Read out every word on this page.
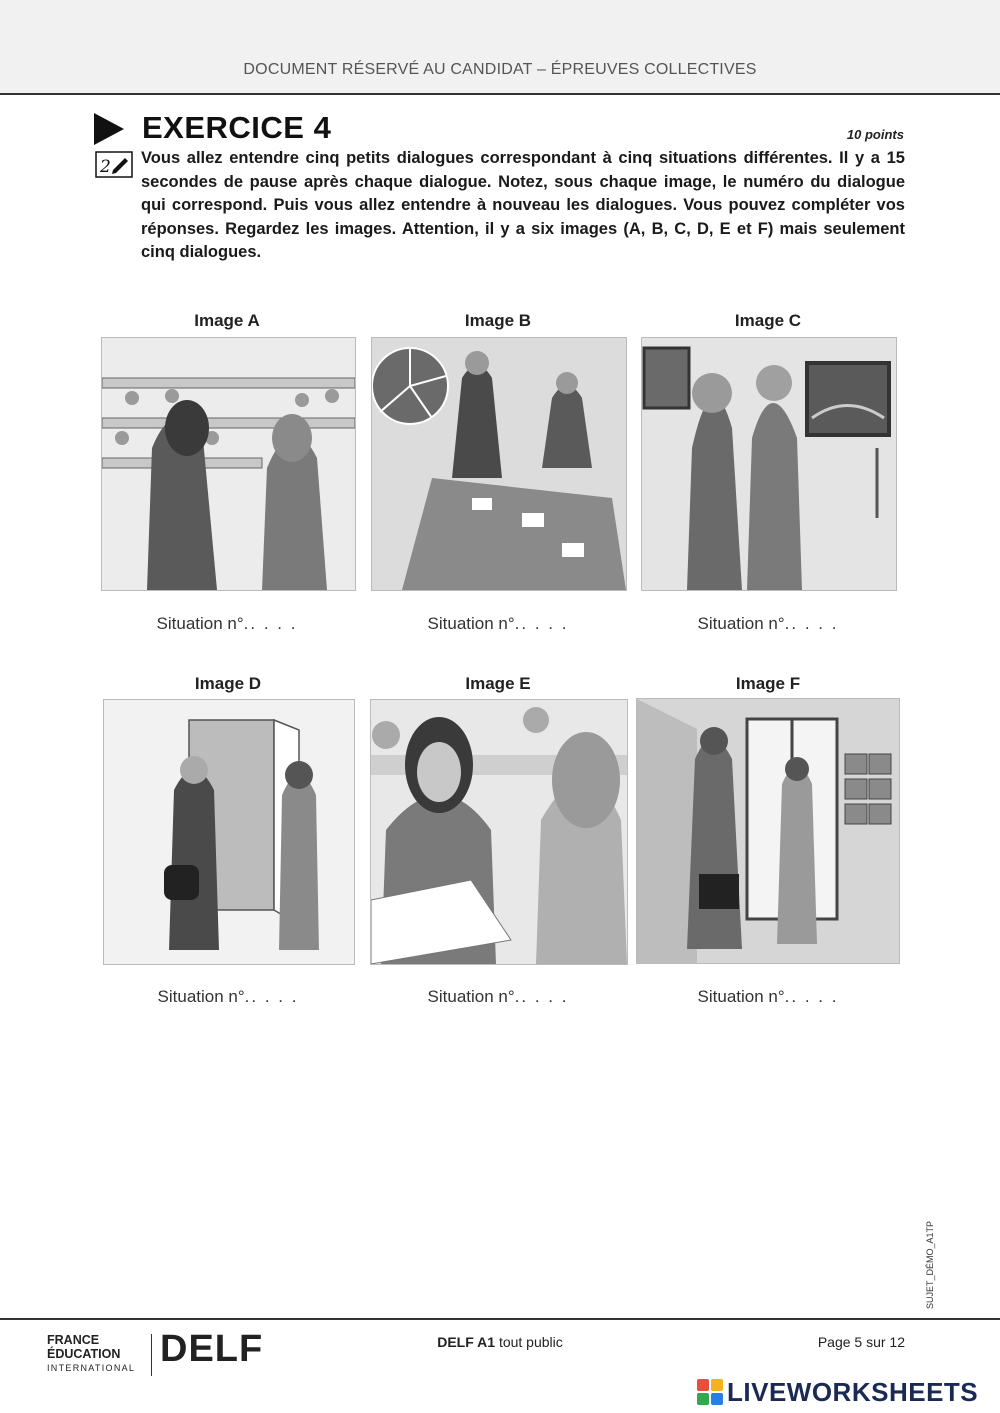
DOCUMENT RÉSERVÉ AU CANDIDAT – ÉPREUVES COLLECTIVES
EXERCICE 4	10 points
2 Vous allez entendre cinq petits dialogues correspondant à cinq situations différentes. Il y a 15 secondes de pause après chaque dialogue. Notez, sous chaque image, le numéro du dialogue qui correspond. Puis vous allez entendre à nouveau les dialogues. Vous pouvez compléter vos réponses. Regardez les images. Attention, il y a six images (A, B, C, D, E et F) mais seulement cinq dialogues.
Image A
Situation n°.. . . .
Image B
Situation n°.. . . .
Image C
Situation n°.. . . .
Image D
Situation n°.. . . .
Image E
Situation n°.. . . .
Image F
Situation n°.. . . .
SUJET_DÉMO_A1TP
FRANCE
ÉDUCATION
INTERNATIONAL DELF	DELF A1 tout public	Page 5 sur 12
LIVEWORKSHEETS
